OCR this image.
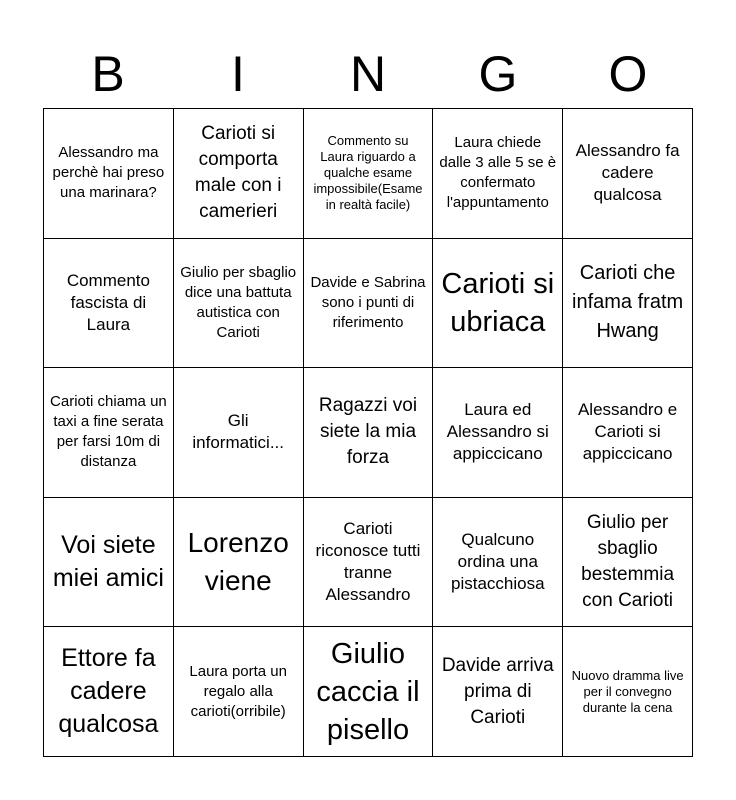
B	I	N	G	O
Alessandro ma perchè hai preso una marinara?
Carioti si comporta male con i camerieri
Commento su Laura riguardo a qualche esame impossibile(Esame in realtà facile)
Laura chiede dalle 3 alle 5 se è confermato l'appuntamento
Alessandro fa cadere qualcosa
Commento fascista di Laura
Giulio per sbaglio dice una battuta autistica con Carioti
Davide e Sabrina sono i punti di riferimento
Carioti si ubriaca
Carioti che infama fratm Hwang
Carioti chiama un taxi a fine serata per farsi 10m di distanza
Gli informatici...
Ragazzi voi siete la mia forza
Laura ed Alessandro si appiccicano
Alessandro e Carioti si appiccicano
Voi siete miei amici
Lorenzo viene
Carioti riconosce tutti tranne Alessandro
Qualcuno ordina una pistacchiosa
Giulio per sbaglio bestemmia con Carioti
Ettore fa cadere qualcosa
Laura porta un regalo alla carioti(orribile)
Giulio caccia il pisello
Davide arriva prima di Carioti
Nuovo dramma live per il convegno durante la cena
